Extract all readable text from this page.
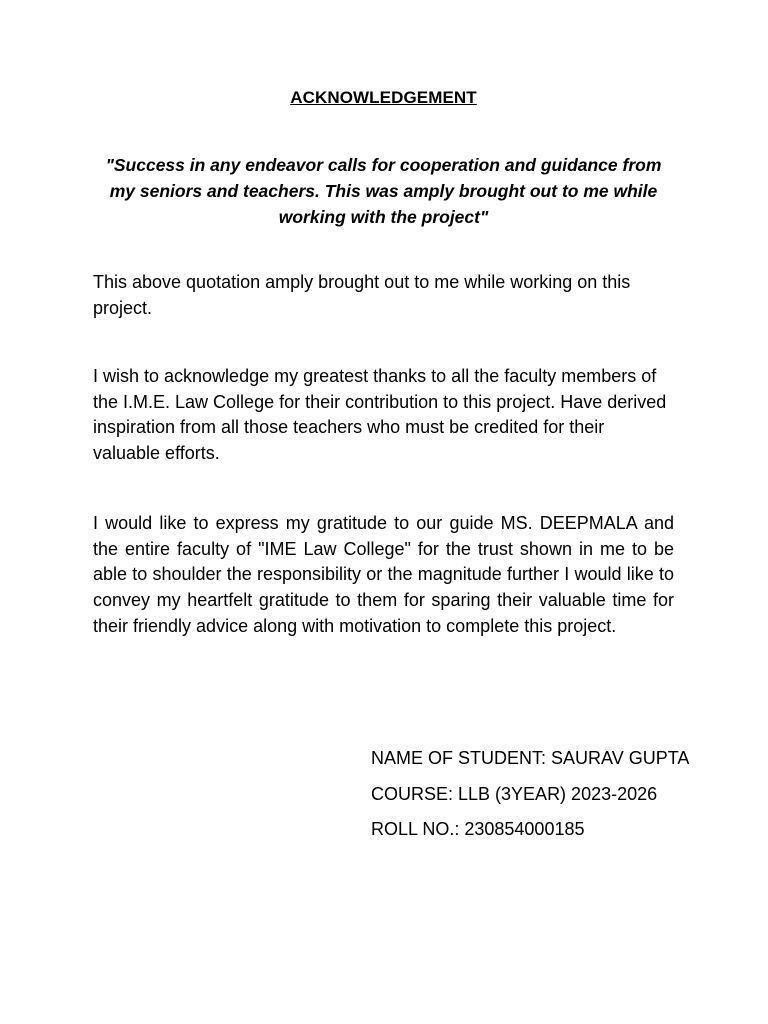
ACKNOWLEDGEMENT
"Success in any endeavor calls for cooperation and guidance from my seniors and teachers. This was amply brought out to me while working with the project"
This above quotation amply brought out to me while working on this project.
I wish to acknowledge my greatest thanks to all the faculty members of the I.M.E. Law College for their contribution to this project. Have derived inspiration from all those teachers who must be credited for their valuable efforts.
I would like to express my gratitude to our guide MS. DEEPMALA and the entire faculty of "IME Law College" for the trust shown in me to be able to shoulder the responsibility or the magnitude further I would like to convey my heartfelt gratitude to them for sparing their valuable time for their friendly advice along with motivation to complete this project.
NAME OF STUDENT: SAURAV GUPTA
COURSE: LLB (3YEAR) 2023-2026
ROLL NO.: 230854000185
